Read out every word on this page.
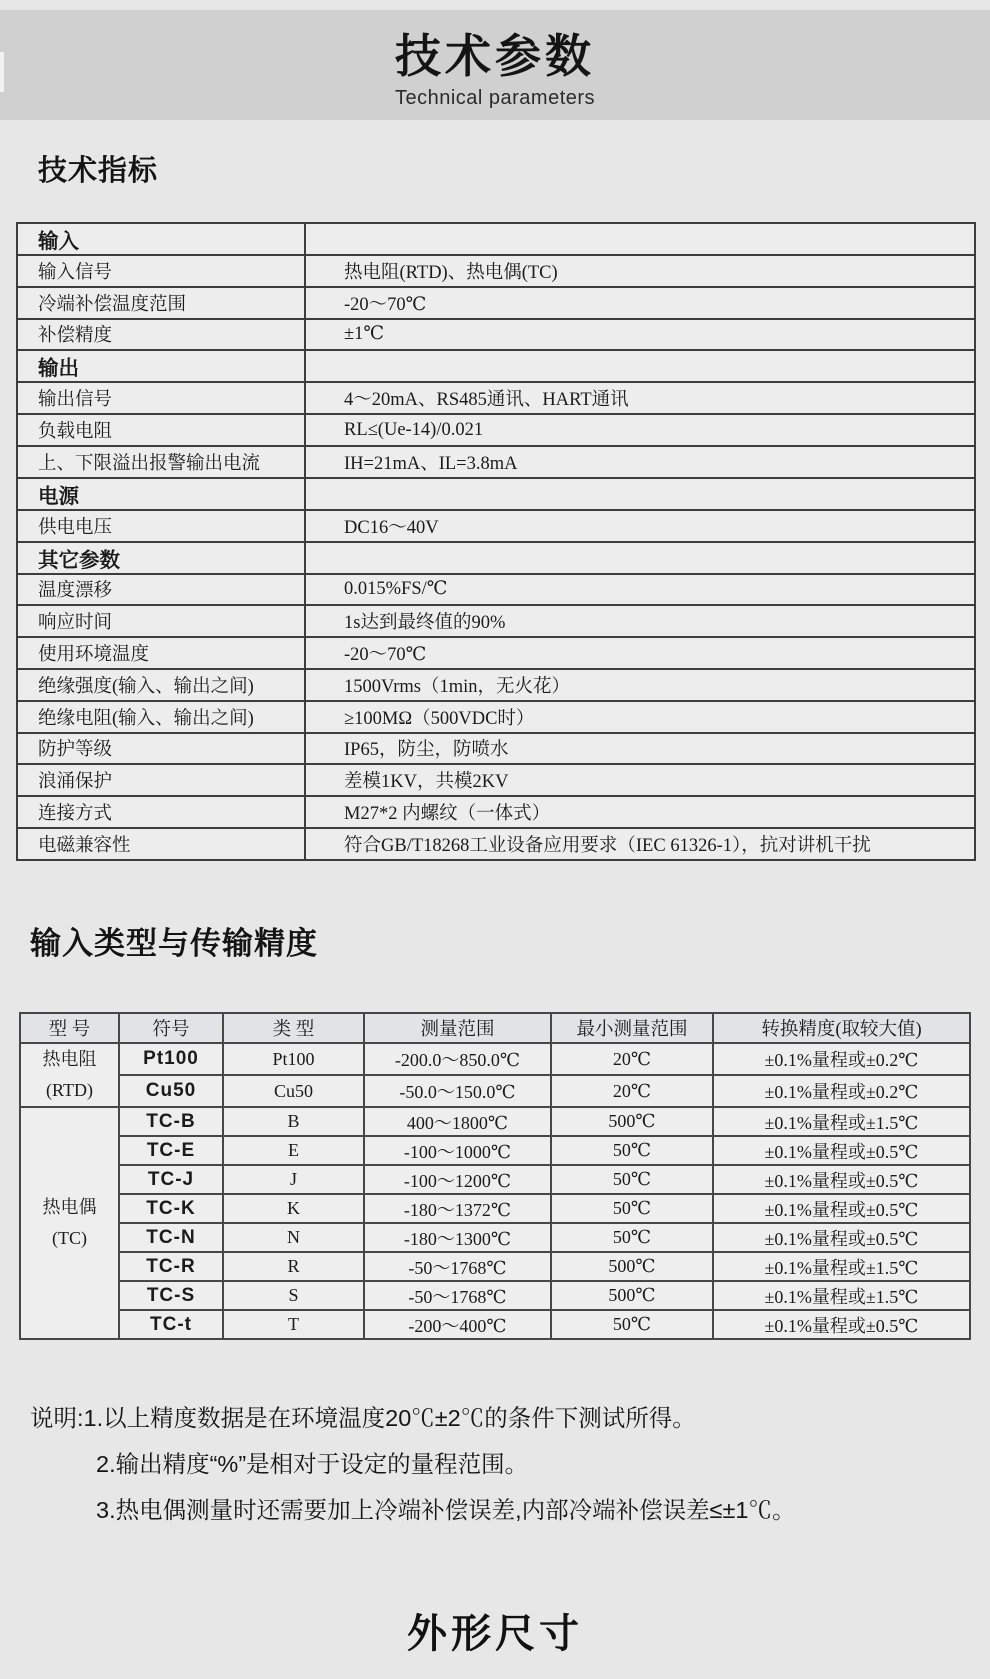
技术参数
Technical parameters
技术指标
输入	
输入信号	热电阻(RTD)、热电偶(TC)
冷端补偿温度范围	-20～70℃
补偿精度	±1℃
输出	
输出信号	4～20mA、RS485通讯、HART通讯
负载电阻	RL≤(Ue-14)/0.021
上、下限溢出报警输出电流	IH=21mA、IL=3.8mA
电源	
供电电压	DC16～40V
其它参数	
温度漂移	0.015%FS/℃
响应时间	1s达到最终值的90%
使用环境温度	-20～70℃
绝缘强度(输入、输出之间)	1500Vrms（1min，无火花）
绝缘电阻(输入、输出之间)	≥100MΩ（500VDC时）
防护等级	IP65，防尘，防喷水
浪涌保护	差模1KV，共模2KV
连接方式	M27*2 内螺纹（一体式）
电磁兼容性	符合GB/T18268工业设备应用要求（IEC 61326-1），抗对讲机干扰
输入类型与传输精度
型 号	符号	类 型	测量范围	最小测量范围	转换精度(取较大值)

热电阻
(RTD)	Pt100	Pt100	-200.0～850.0℃	20℃	±0.1%量程或±0.2℃
	Cu50	Cu50	-50.0～150.0℃	20℃	±0.1%量程或±0.2℃

热电偶
(TC)	TC-B	B	400～1800℃	500℃	±0.1%量程或±1.5℃
	TC-E	E	-100～1000℃	50℃	±0.1%量程或±0.5℃
	TC-J	J	-100～1200℃	50℃	±0.1%量程或±0.5℃
	TC-K	K	-180～1372℃	50℃	±0.1%量程或±0.5℃
	TC-N	N	-180～1300℃	50℃	±0.1%量程或±0.5℃
	TC-R	R	-50～1768℃	500℃	±0.1%量程或±1.5℃
	TC-S	S	-50～1768℃	500℃	±0.1%量程或±1.5℃
	TC-t	T	-200～400℃	50℃	±0.1%量程或±0.5℃
说明:1.以上精度数据是在环境温度20℃±2℃的条件下测试所得。
2.输出精度“%”是相对于设定的量程范围。
3.热电偶测量时还需要加上冷端补偿误差,内部冷端补偿误差≤±1℃。
外形尺寸
